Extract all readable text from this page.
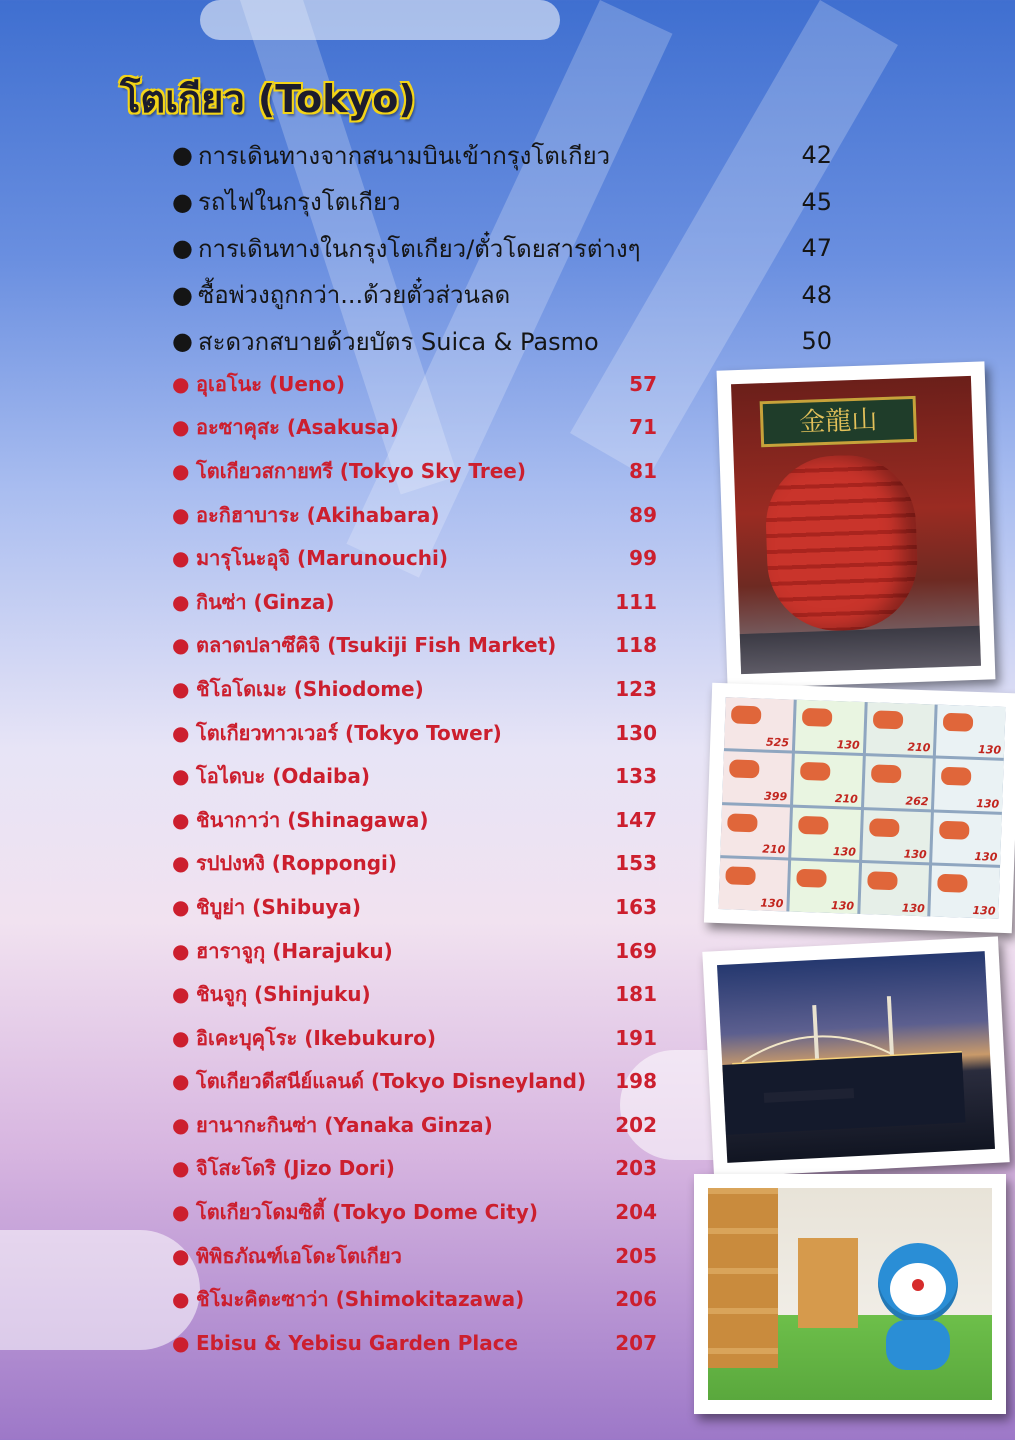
โตเกียว (Tokyo)
● การเดินทางจากสนามบินเข้ากรุงโตเกียว	42
● รถไฟในกรุงโตเกียว	45
● การเดินทางในกรุงโตเกียว/ตั๋วโดยสารต่างๆ	47
● ซื้อพ่วงถูกกว่า...ด้วยตั๋วส่วนลด	48
● สะดวกสบายด้วยบัตร Suica & Pasmo	50
● อุเอโนะ (Ueno)	57
● อะซาคุสะ (Asakusa)	71
● โตเกียวสกายทรี (Tokyo Sky Tree)	81
● อะกิฮาบาระ (Akihabara)	89
● มารุโนะอุจิ (Marunouchi)	99
● กินซ่า (Ginza)	111
● ตลาดปลาซึคิจิ (Tsukiji Fish Market)	118
● ชิโอโดเมะ (Shiodome)	123
● โตเกียวทาวเวอร์ (Tokyo Tower)	130
● โอไดบะ (Odaiba)	133
● ชินากาว่า (Shinagawa)	147
● รปปงหงิ (Roppongi)	153
● ชิบูย่า (Shibuya)	163
● ฮาราจูกุ (Harajuku)	169
● ชินจูกุ (Shinjuku)	181
● อิเคะบุคุโระ (Ikebukuro)	191
● โตเกียวดีสนีย์แลนด์ (Tokyo Disneyland)	198
● ยานากะกินซ่า (Yanaka Ginza)	202
● จิโสะโดริ (Jizo Dori)	203
● โตเกียวโดมซิตี้ (Tokyo Dome City)	204
● พิพิธภัณฑ์เอโดะโตเกียว	205
● ชิโมะคิตะซาว่า (Shimokitazawa)	206
● Ebisu & Yebisu Garden Place	207
金龍山
525	130	210	130
399	210	262	130
210	130	130	130
130	130	130	130
